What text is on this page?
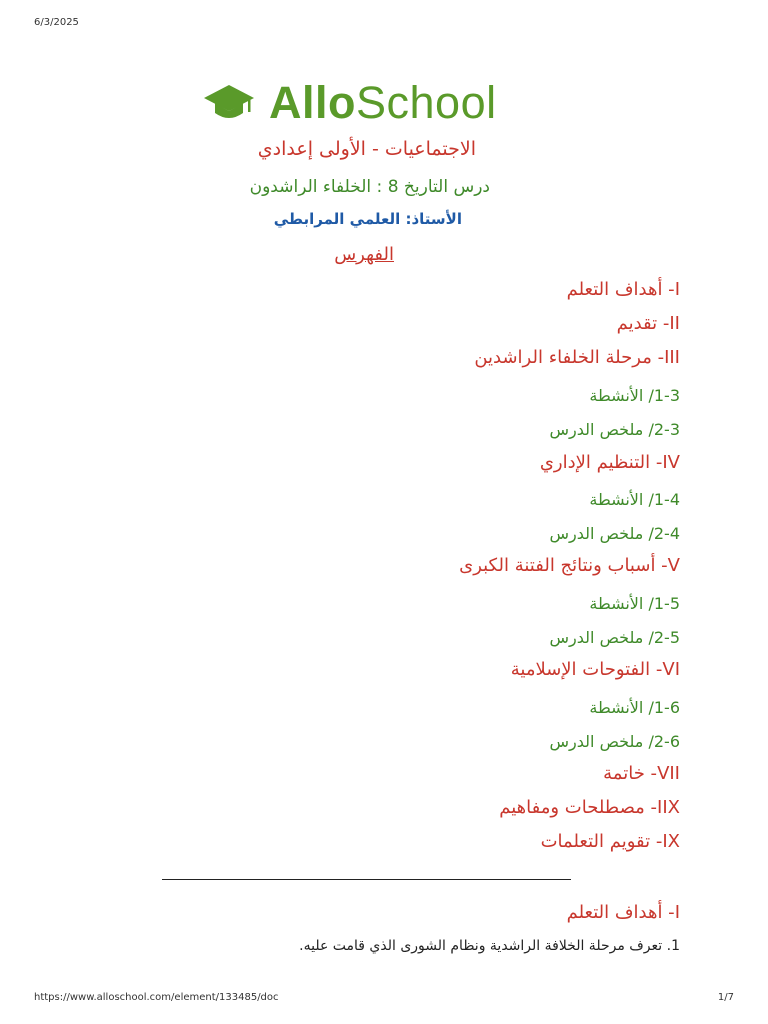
6/3/2025
AlloSchool
الاجتماعيات - الأولى إعدادي
درس التاريخ 8 : الخلفاء الراشدون
الأستاذ: العلمي المرابطي
الفهرس
I- أهداف التعلم
II- تقديم
III- مرحلة الخلفاء الراشدين
1-3/ الأنشطة
2-3/ ملخص الدرس
IV- التنظيم الإداري
1-4/ الأنشطة
2-4/ ملخص الدرس
V- أسباب ونتائج الفتنة الكبرى
1-5/ الأنشطة
2-5/ ملخص الدرس
VI- الفتوحات الإسلامية
1-6/ الأنشطة
2-6/ ملخص الدرس
VII- خاتمة
IIX- مصطلحات ومفاهيم
IX- تقويم التعلمات
I- أهداف التعلم
1. تعرف مرحلة الخلافة الراشدية ونظام الشورى الذي قامت عليه.
https://www.alloschool.com/element/133485/doc	1/7
